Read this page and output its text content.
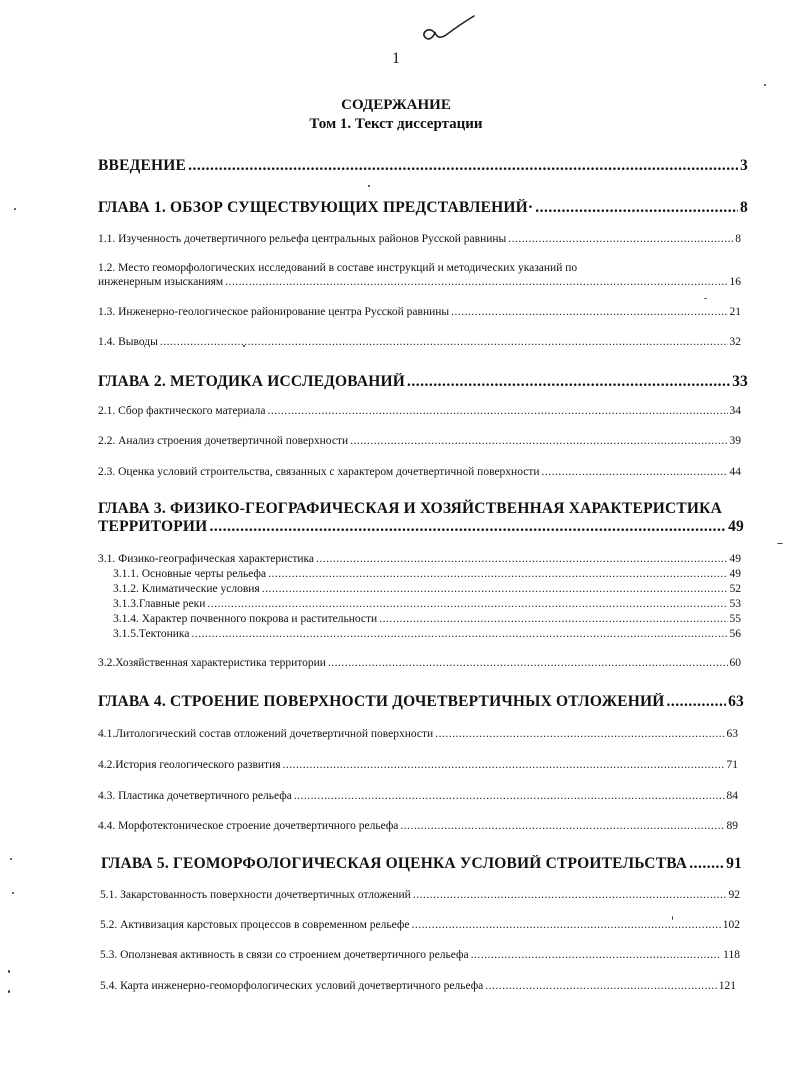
1
СОДЕРЖАНИЕ
Том 1. Текст диссертации
ВВЕДЕНИЕ .....	3
ГЛАВА 1. ОБЗОР СУЩЕСТВУЮЩИХ ПРЕДСТАВЛЕНИЙ· .....	8
1.1. Изученность дочетвертичного рельефа центральных районов Русской равнины .....	8
1.2. Место геоморфологических исследований в составе инструкций и методических указаний по
инженерным изысканиям .....	16
1.3. Инженерно-геологическое районирование центра Русской равнины .....	21
1.4. Выводы .....	32
ГЛАВА 2. МЕТОДИКА ИССЛЕДОВАНИЙ .....	33
2.1. Сбор фактического материала .....	34
2.2. Анализ строения дочетвертичной поверхности .....	39
2.3. Оценка условий строительства, связанных с характером дочетвертичной поверхности .....	44
ГЛАВА 3. ФИЗИКО-ГЕОГРАФИЧЕСКАЯ И ХОЗЯЙСТВЕННАЯ ХАРАКТЕРИСТИКА
ТЕРРИТОРИИ .....	49
3.1. Физико-географическая характеристика .....	49
3.1.1. Основные черты рельефа .....	49
3.1.2. Климатические условия .....	52
3.1.3.Главные реки .....	53
3.1.4. Характер почвенного покрова и растительности .....	55
3.1.5.Тектоника .....	56
3.2.Хозяйственная характеристика территории .....	60
ГЛАВА 4. СТРОЕНИЕ ПОВЕРХНОСТИ ДОЧЕТВЕРТИЧНЫХ ОТЛОЖЕНИЙ .....	63
4.1.Литологический состав отложений дочетвертичной поверхности .....	63
4.2.История геологического развития .....	71
4.3. Пластика дочетвертичного рельефа .....	84
4.4. Морфотектоническое строение дочетвертичного рельефа .....	89
ГЛАВА 5. ГЕОМОРФОЛОГИЧЕСКАЯ ОЦЕНКА УСЛОВИЙ СТРОИТЕЛЬСТВА .....	91
5.1. Закарстованность поверхности дочетвертичных отложений .....	92
5.2. Активизация карстовых процессов в современном рельефе .....	102
5.3. Оползневая активность в связи со строением дочетвертичного рельефа .....	118
5.4. Карта инженерно-геоморфологических условий дочетвертичного рельефа .....	121
